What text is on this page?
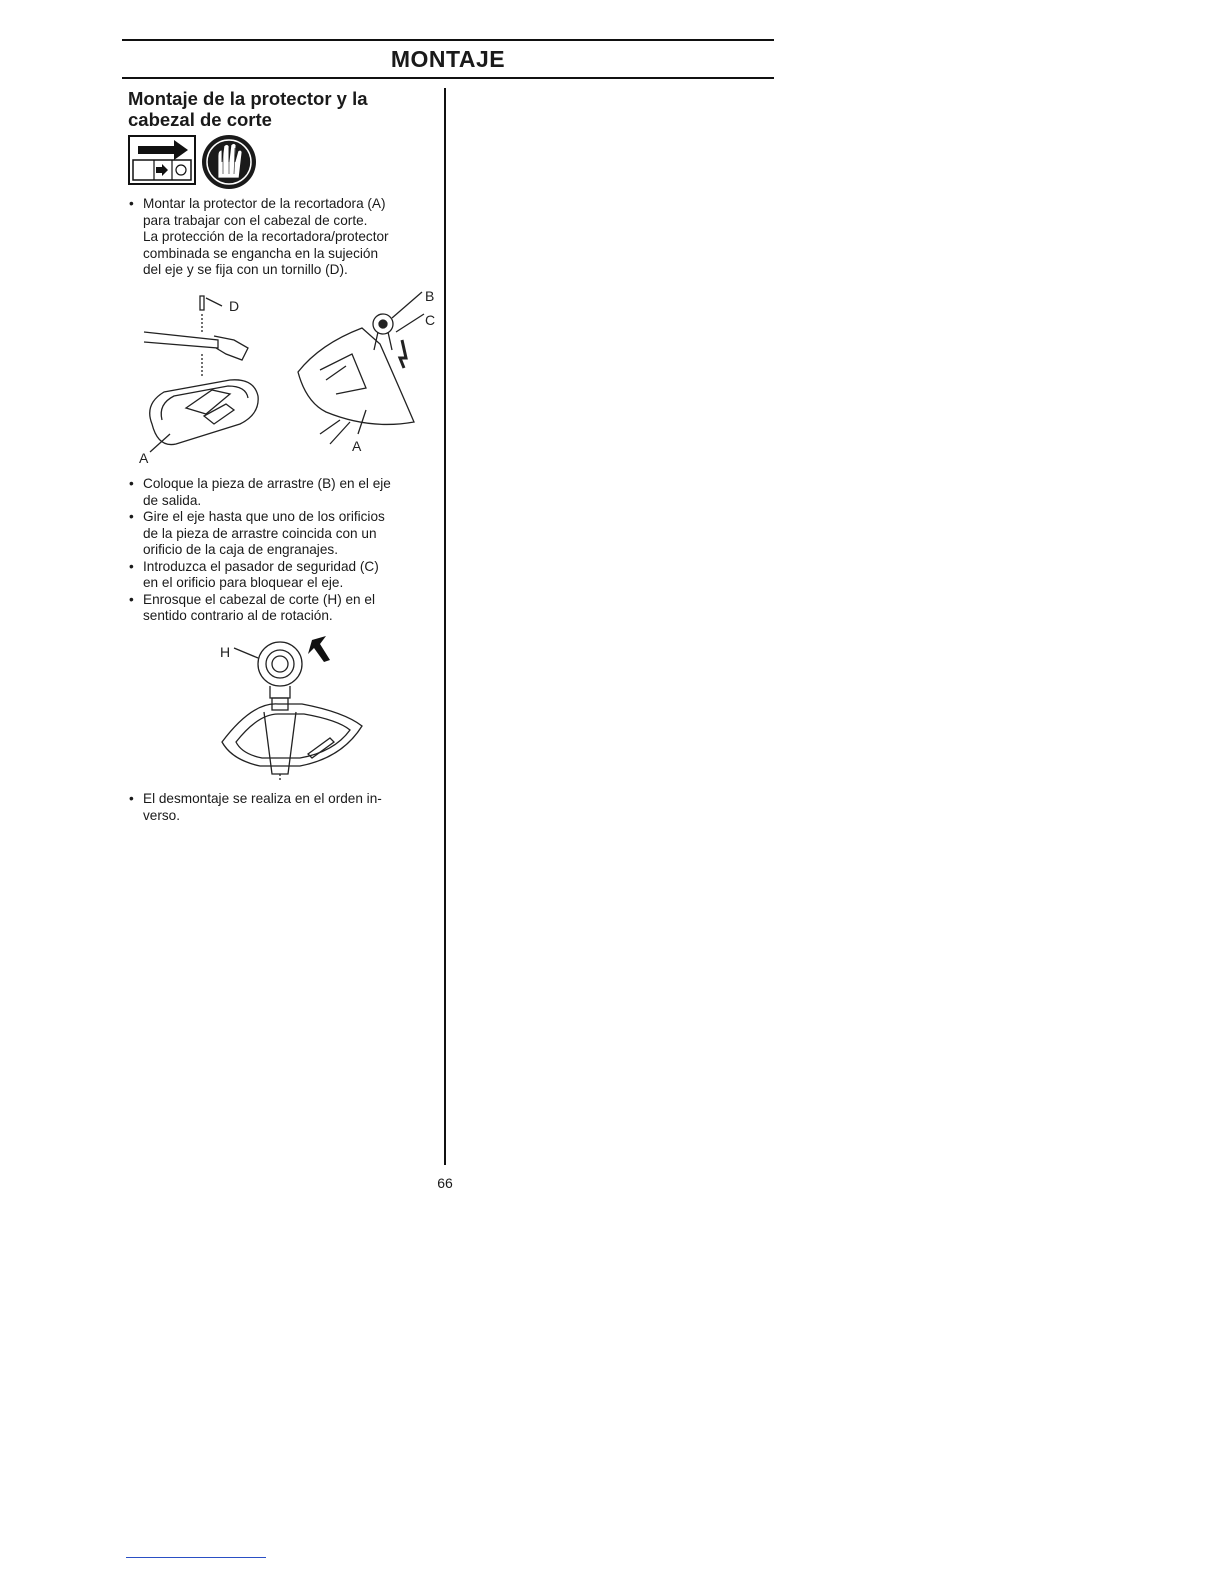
MONTAJE
Montaje de la protector y la
cabezal de corte
• Montar la protector de la recortadora (A)
para trabajar con el cabezal de corte.
La protección de la recortadora/protector
combinada se engancha en la sujeción
del eje y se fija con un tornillo (D).
D
A
B
C
A
• Coloque la pieza de arrastre (B) en el eje
de salida.
• Gire el eje hasta que uno de los orificios
de la pieza de arrastre coincida con un
orificio de la caja de engranajes.
• Introduzca el pasador de seguridad (C)
en el orificio para bloquear el eje.
• Enrosque el cabezal de corte (H) en el
sentido contrario al de rotación.
H
• El desmontaje se realiza en el orden in-
verso.
66
